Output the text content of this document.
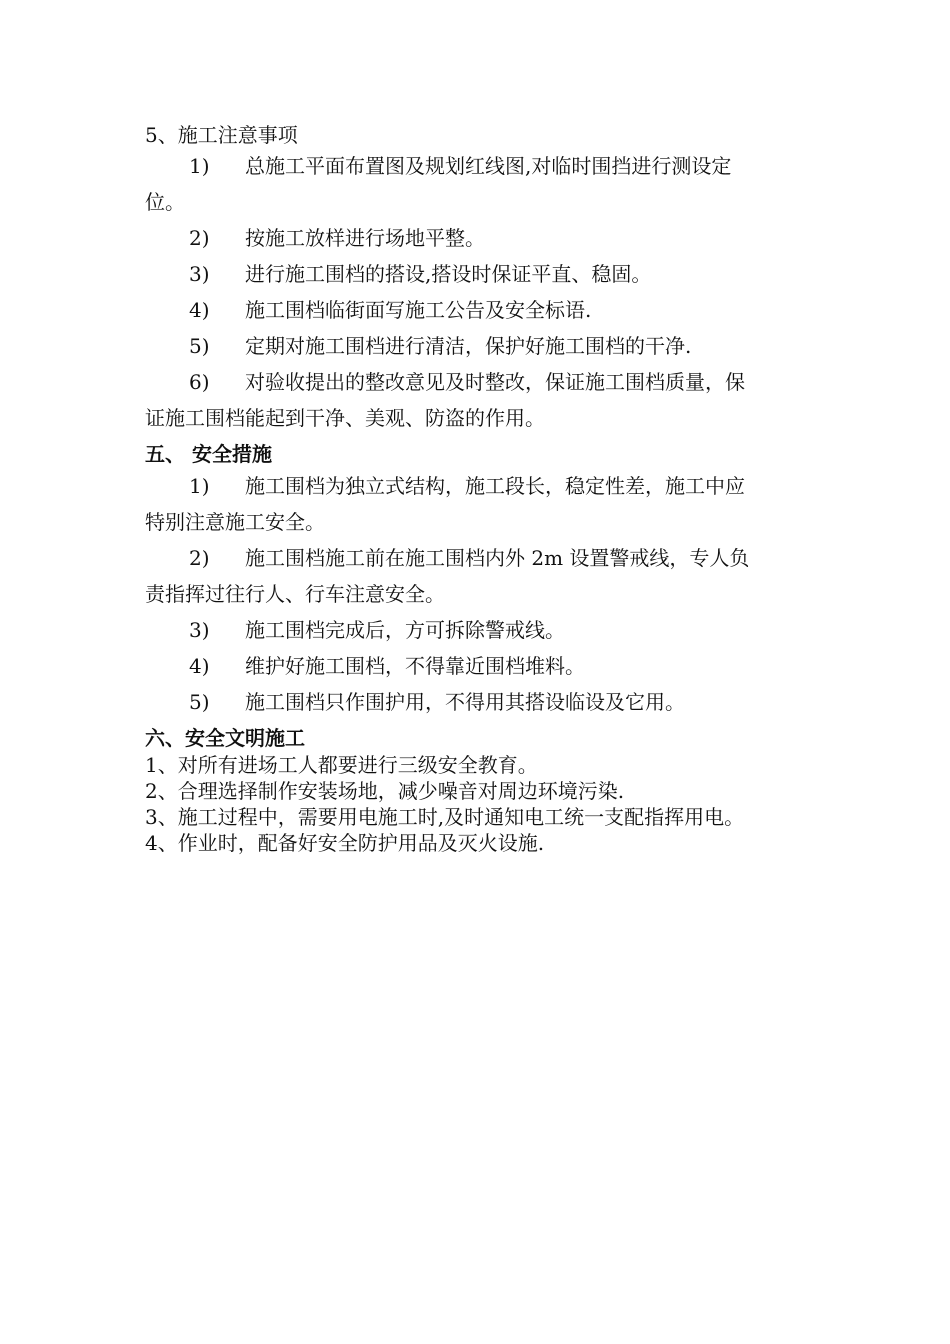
5、施工注意事项
1) 总施工平面布置图及规划红线图,对临时围挡进行测设定
位。
2) 按施工放样进行场地平整。
3) 进行施工围档的搭设,搭设时保证平直、稳固。
4) 施工围档临街面写施工公告及安全标语.
5) 定期对施工围档进行清洁，保护好施工围档的干净.
6) 对验收提出的整改意见及时整改，保证施工围档质量，保
证施工围档能起到干净、美观、防盗的作用。
五、 安全措施
1) 施工围档为独立式结构，施工段长，稳定性差，施工中应
特别注意施工安全。
2) 施工围档施工前在施工围档内外 2m 设置警戒线，专人负
责指挥过往行人、行车注意安全。
3) 施工围档完成后，方可拆除警戒线。
4) 维护好施工围档，不得靠近围档堆料。
5) 施工围档只作围护用，不得用其搭设临设及它用。
六、安全文明施工
1、对所有进场工人都要进行三级安全教育。
2、合理选择制作安装场地，减少噪音对周边环境污染.
3、施工过程中，需要用电施工时,及时通知电工统一支配指挥用电。
4、作业时，配备好安全防护用品及灭火设施.
